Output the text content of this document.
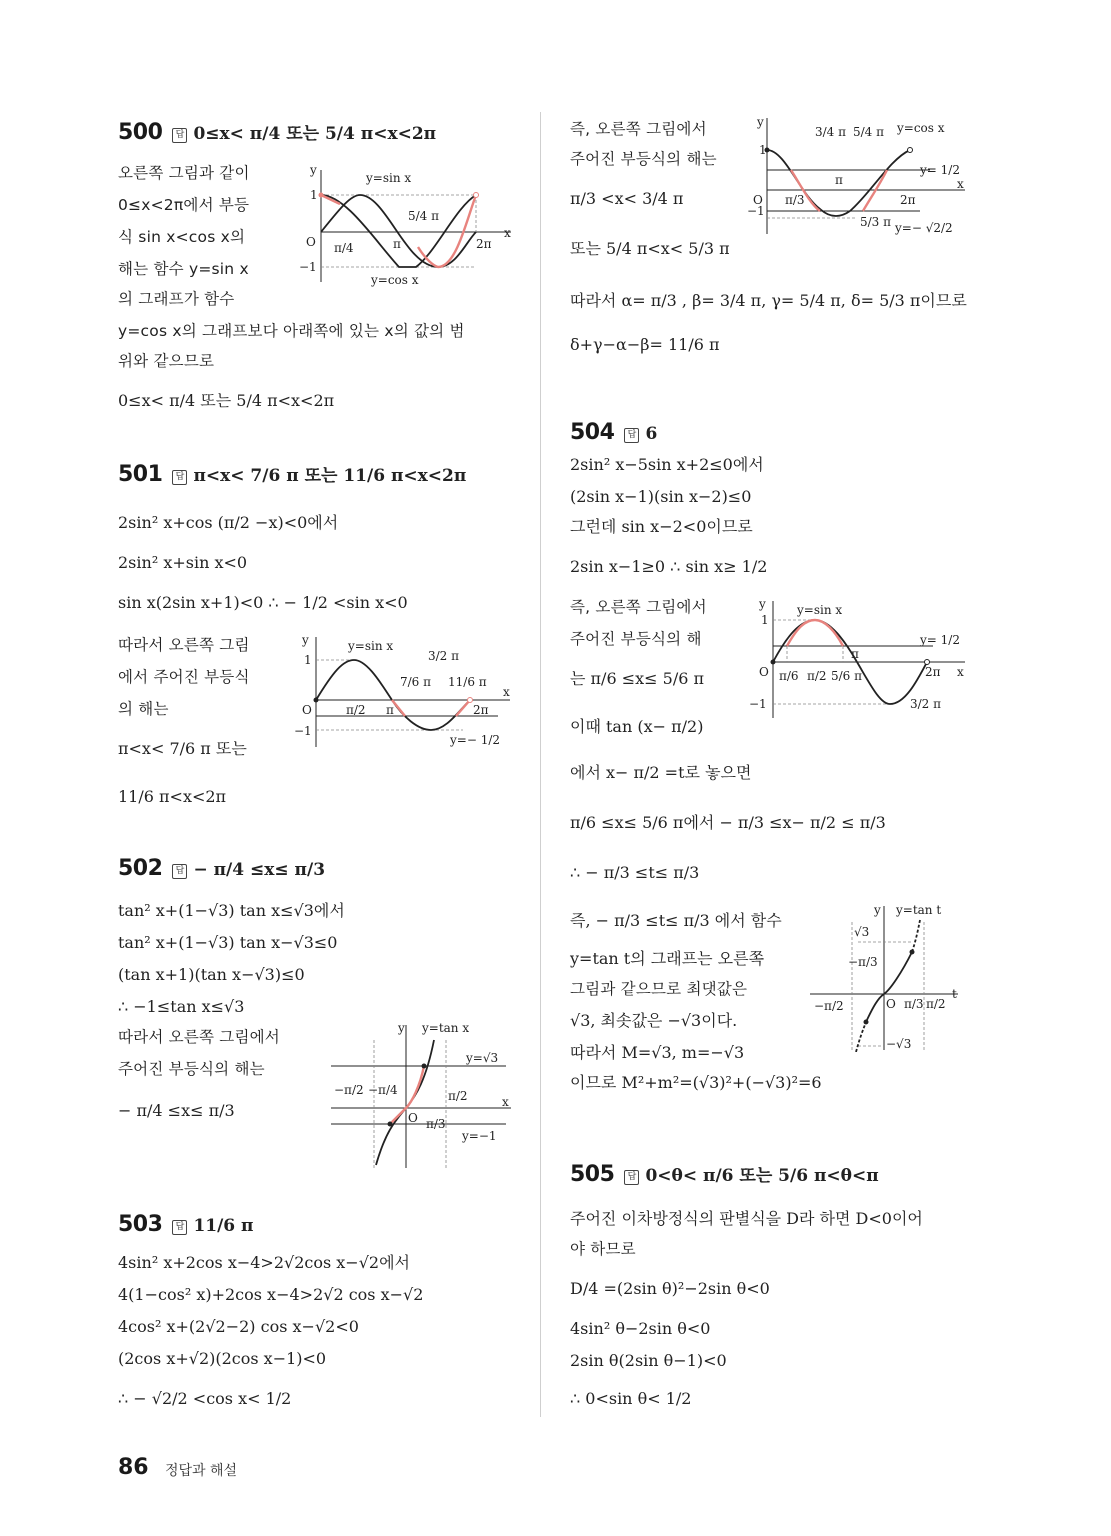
500 답 0≤x< π/4 또는 5/4 π<x<2π
오른쪽 그림과 같이
0≤x<2π에서 부등
식 sin x<cos x의
해는 함수 y=sin x
의 그래프가 함수
y=cos x의 그래프보다 아래쪽에 있는 x의 값의 범
위와 같으므로
0≤x< π/4 또는 5/4 π<x<2π
y
x
1
−1
O
y=sin x
y=cos x
π/4	π
5/4 π
2π
501 답 π<x< 7/6 π 또는 11/6 π<x<2π
2sin² x+cos (π/2 −x)<0에서
2sin² x+sin x<0
sin x(2sin x+1)<0 ∴ − 1/2 <sin x<0
따라서 오른쪽 그림
에서 주어진 부등식
의 해는
π<x< 7/6 π 또는
11/6 π<x<2π
y
x
1
−1
O
y=sin x
π/2 π
3/2 π
7/6 π 11/6 π
2π
y=− 1/2
502 답 − π/4 ≤x≤ π/3
tan² x+(1−√3) tan x≤√3에서
tan² x+(1−√3) tan x−√3≤0
(tan x+1)(tan x−√3)≤0
∴ −1≤tan x≤√3
따라서 오른쪽 그림에서
주어진 부등식의 해는
− π/4 ≤x≤ π/3
y
x
y=tan x
O
−π/2 −π/4
π/3
π/2
y=√3
y=−1
503 답 11/6 π
4sin² x+2cos x−4>2√2cos x−√2에서
4(1−cos² x)+2cos x−4>2√2 cos x−√2
4cos² x+(2√2−2) cos x−√2<0
(2cos x+√2)(2cos x−1)<0
∴ − √2/2 <cos x< 1/2
즉, 오른쪽 그림에서
주어진 부등식의 해는
π/3 <x< 3/4 π
또는 5/4 π<x< 5/3 π
따라서 α= π/3 , β= 3/4 π, γ= 5/4 π, δ= 5/3 π이므로
δ+γ−α−β= 11/6 π
y
x
1
−1
O
y=cos x
3/4 π 5/4 π
π/3
π
2π
5/3 π
y= 1/2
y=− √2/2
504 답 6
2sin² x−5sin x+2≤0에서
(2sin x−1)(sin x−2)≤0
그런데 sin x−2<0이므로
2sin x−1≥0 ∴ sin x≥ 1/2
즉, 오른쪽 그림에서
주어진 부등식의 해
는 π/6 ≤x≤ 5/6 π
이때 tan (x− π/2)
에서 x− π/2 =t로 놓으면
π/6 ≤x≤ 5/6 π에서 − π/3 ≤x− π/2 ≤ π/3
∴ − π/3 ≤t≤ π/3
즉, − π/3 ≤t≤ π/3 에서 함수
y=tan t의 그래프는 오른쪽
그림과 같으므로 최댓값은
√3, 최솟값은 −√3이다.
따라서 M=√3, m=−√3
이므로 M²+m²=(√3)²+(−√3)²=6
y
x
1
−1
O
y=sin x
y= 1/2
π/6 π/2 5/6 π
π
2π
3/2 π
y
t
y=tan t
O
√3
−√3
−π/2
−π/3
π/3 π/2
505 답 0<θ< π/6 또는 5/6 π<θ<π
주어진 이차방정식의 판별식을 D라 하면 D<0이어
야 하므로
D/4 =(2sin θ)²−2sin θ<0
4sin² θ−2sin θ<0
2sin θ(2sin θ−1)<0
∴ 0<sin θ< 1/2
86 정답과 해설
